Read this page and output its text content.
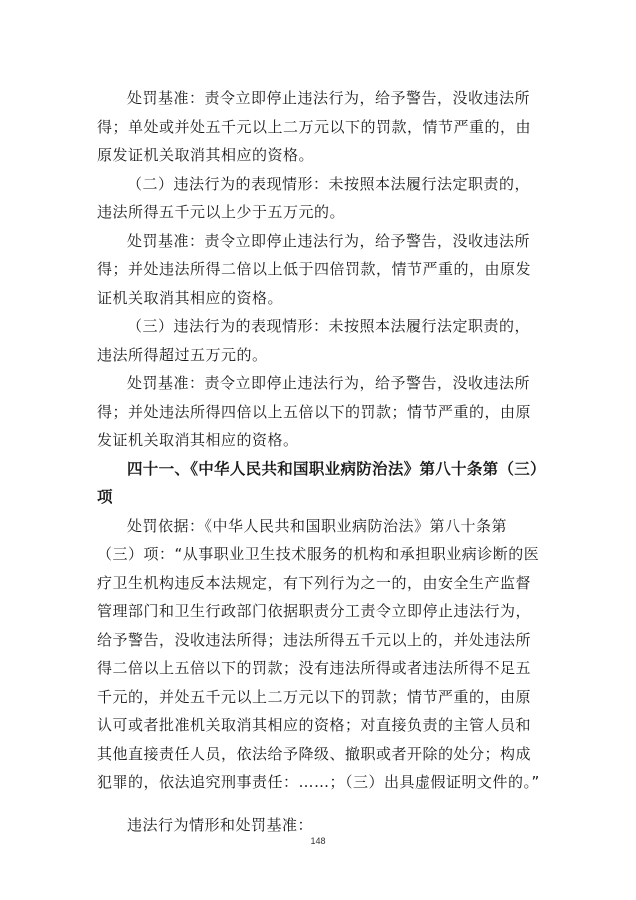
处罚基准：责令立即停止违法行为，给予警告，没收违法所得；单处或并处五千元以上二万元以下的罚款，情节严重的，由原发证机关取消其相应的资格。

（二）违法行为的表现情形：未按照本法履行法定职责的，违法所得五千元以上少于五万元的。

处罚基准：责令立即停止违法行为，给予警告，没收违法所得；并处违法所得二倍以上低于四倍罚款，情节严重的，由原发证机关取消其相应的资格。

（三）违法行为的表现情形：未按照本法履行法定职责的，违法所得超过五万元的。

处罚基准：责令立即停止违法行为，给予警告，没收违法所得；并处违法所得四倍以上五倍以下的罚款；情节严重的，由原发证机关取消其相应的资格。

四十一、《中华人民共和国职业病防治法》第八十条第（三）项

处罚依据：《中华人民共和国职业病防治法》第八十条第（三）项：“从事职业卫生技术服务的机构和承担职业病诊断的医疗卫生机构违反本法规定，有下列行为之一的，由安全生产监督管理部门和卫生行政部门依据职责分工责令立即停止违法行为，给予警告，没收违法所得；违法所得五千元以上的，并处违法所得二倍以上五倍以下的罚款；没有违法所得或者违法所得不足五千元的，并处五千元以上二万元以下的罚款；情节严重的，由原认可或者批准机关取消其相应的资格；对直接负责的主管人员和其他直接责任人员，依法给予降级、撤职或者开除的处分；构成犯罪的，依法追究刑事责任：……；（三）出具虚假证明文件的。”

违法行为情形和处罚基准：

148
